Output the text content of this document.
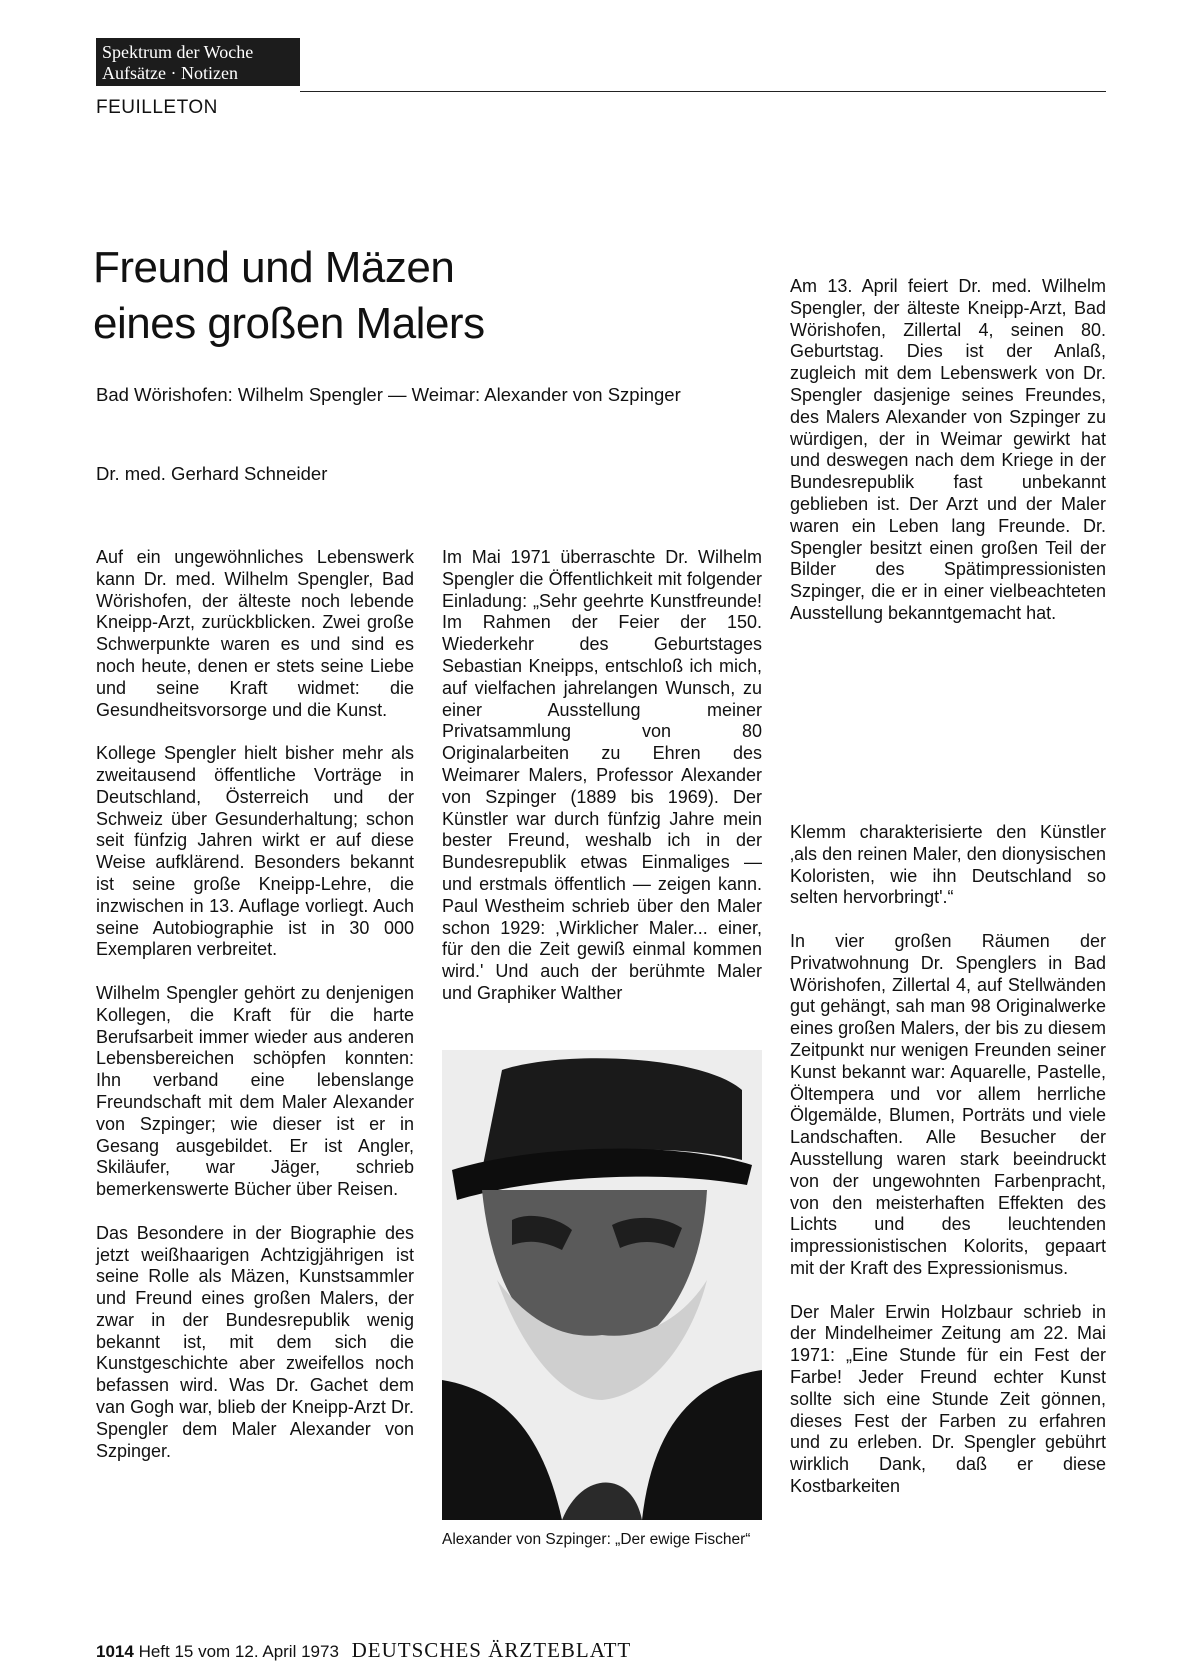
Spektrum der Woche
Aufsätze · Notizen
FEUILLETON
Freund und Mäzen
eines großen Malers
Bad Wörishofen: Wilhelm Spengler — Weimar: Alexander von Szpinger
Dr. med. Gerhard Schneider

Auf ein ungewöhnliches Lebenswerk kann Dr. med. Wilhelm Spengler, Bad Wörishofen, der älteste noch lebende Kneipp-Arzt, zurückblicken. Zwei große Schwerpunkte waren es und sind es noch heute, denen er stets seine Liebe und seine Kraft widmet: die Gesundheitsvorsorge und die Kunst.

Kollege Spengler hielt bisher mehr als zweitausend öffentliche Vorträge in Deutschland, Österreich und der Schweiz über Gesunderhaltung; schon seit fünfzig Jahren wirkt er auf diese Weise aufklärend. Besonders bekannt ist seine große Kneipp-Lehre, die inzwischen in 13. Auflage vorliegt. Auch seine Autobiographie ist in 30 000 Exemplaren verbreitet.

Wilhelm Spengler gehört zu denjenigen Kollegen, die Kraft für die harte Berufsarbeit immer wieder aus anderen Lebensbereichen schöpfen konnten: Ihn verband eine lebenslange Freundschaft mit dem Maler Alexander von Szpinger; wie dieser ist er in Gesang ausgebildet. Er ist Angler, Skiläufer, war Jäger, schrieb bemerkenswerte Bücher über Reisen.

Das Besondere in der Biographie des jetzt weißhaarigen Achtzigjährigen ist seine Rolle als Mäzen, Kunstsammler und Freund eines großen Malers, der zwar in der Bundesrepublik wenig bekannt ist, mit dem sich die Kunstgeschichte aber zweifellos noch befassen wird. Was Dr. Gachet dem van Gogh war, blieb der Kneipp-Arzt Dr. Spengler dem Maler Alexander von Szpinger.

Im Mai 1971 überraschte Dr. Wilhelm Spengler die Öffentlichkeit mit folgender Einladung: „Sehr geehrte Kunstfreunde! Im Rahmen der Feier der 150. Wiederkehr des Geburtstages Sebastian Kneipps, entschloß ich mich, auf vielfachen jahrelangen Wunsch, zu einer Ausstellung meiner Privatsammlung von 80 Originalarbeiten zu Ehren des Weimarer Malers, Professor Alexander von Szpinger (1889 bis 1969). Der Künstler war durch fünfzig Jahre mein bester Freund, weshalb ich in der Bundesrepublik etwas Einmaliges — und erstmals öffentlich — zeigen kann. Paul Westheim schrieb über den Maler schon 1929: ‚Wirklicher Maler... einer, für den die Zeit gewiß einmal kommen wird.' Und auch der berühmte Maler und Graphiker Walther

Alexander von Szpinger: „Der ewige Fischer“

Am 13. April feiert Dr. med. Wilhelm Spengler, der älteste Kneipp-Arzt, Bad Wörishofen, Zillertal 4, seinen 80. Geburtstag. Dies ist der Anlaß, zugleich mit dem Lebenswerk von Dr. Spengler dasjenige seines Freundes, des Malers Alexander von Szpinger zu würdigen, der in Weimar gewirkt hat und deswegen nach dem Kriege in der Bundesrepublik fast unbekannt geblieben ist. Der Arzt und der Maler waren ein Leben lang Freunde. Dr. Spengler besitzt einen großen Teil der Bilder des Spätimpressionisten Szpinger, die er in einer vielbeachteten Ausstellung bekanntgemacht hat.

Klemm charakterisierte den Künstler ‚als den reinen Maler, den dionysischen Koloristen, wie ihn Deutschland so selten hervorbringt'.“

In vier großen Räumen der Privatwohnung Dr. Spenglers in Bad Wörishofen, Zillertal 4, auf Stellwänden gut gehängt, sah man 98 Originalwerke eines großen Malers, der bis zu diesem Zeitpunkt nur wenigen Freunden seiner Kunst bekannt war: Aquarelle, Pastelle, Öltempera und vor allem herrliche Ölgemälde, Blumen, Porträts und viele Landschaften. Alle Besucher der Ausstellung waren stark beeindruckt von der ungewohnten Farbenpracht, von den meisterhaften Effekten des Lichts und des leuchtenden impressionistischen Kolorits, gepaart mit der Kraft des Expressionismus.

Der Maler Erwin Holzbaur schrieb in der Mindelheimer Zeitung am 22. Mai 1971: „Eine Stunde für ein Fest der Farbe! Jeder Freund echter Kunst sollte sich eine Stunde Zeit gönnen, dieses Fest der Farben zu erfahren und zu erleben. Dr. Spengler gebührt wirklich Dank, daß er diese Kostbarkeiten

1014 Heft 15 vom 12. April 1973 DEUTSCHES ÄRZTEBLATT
